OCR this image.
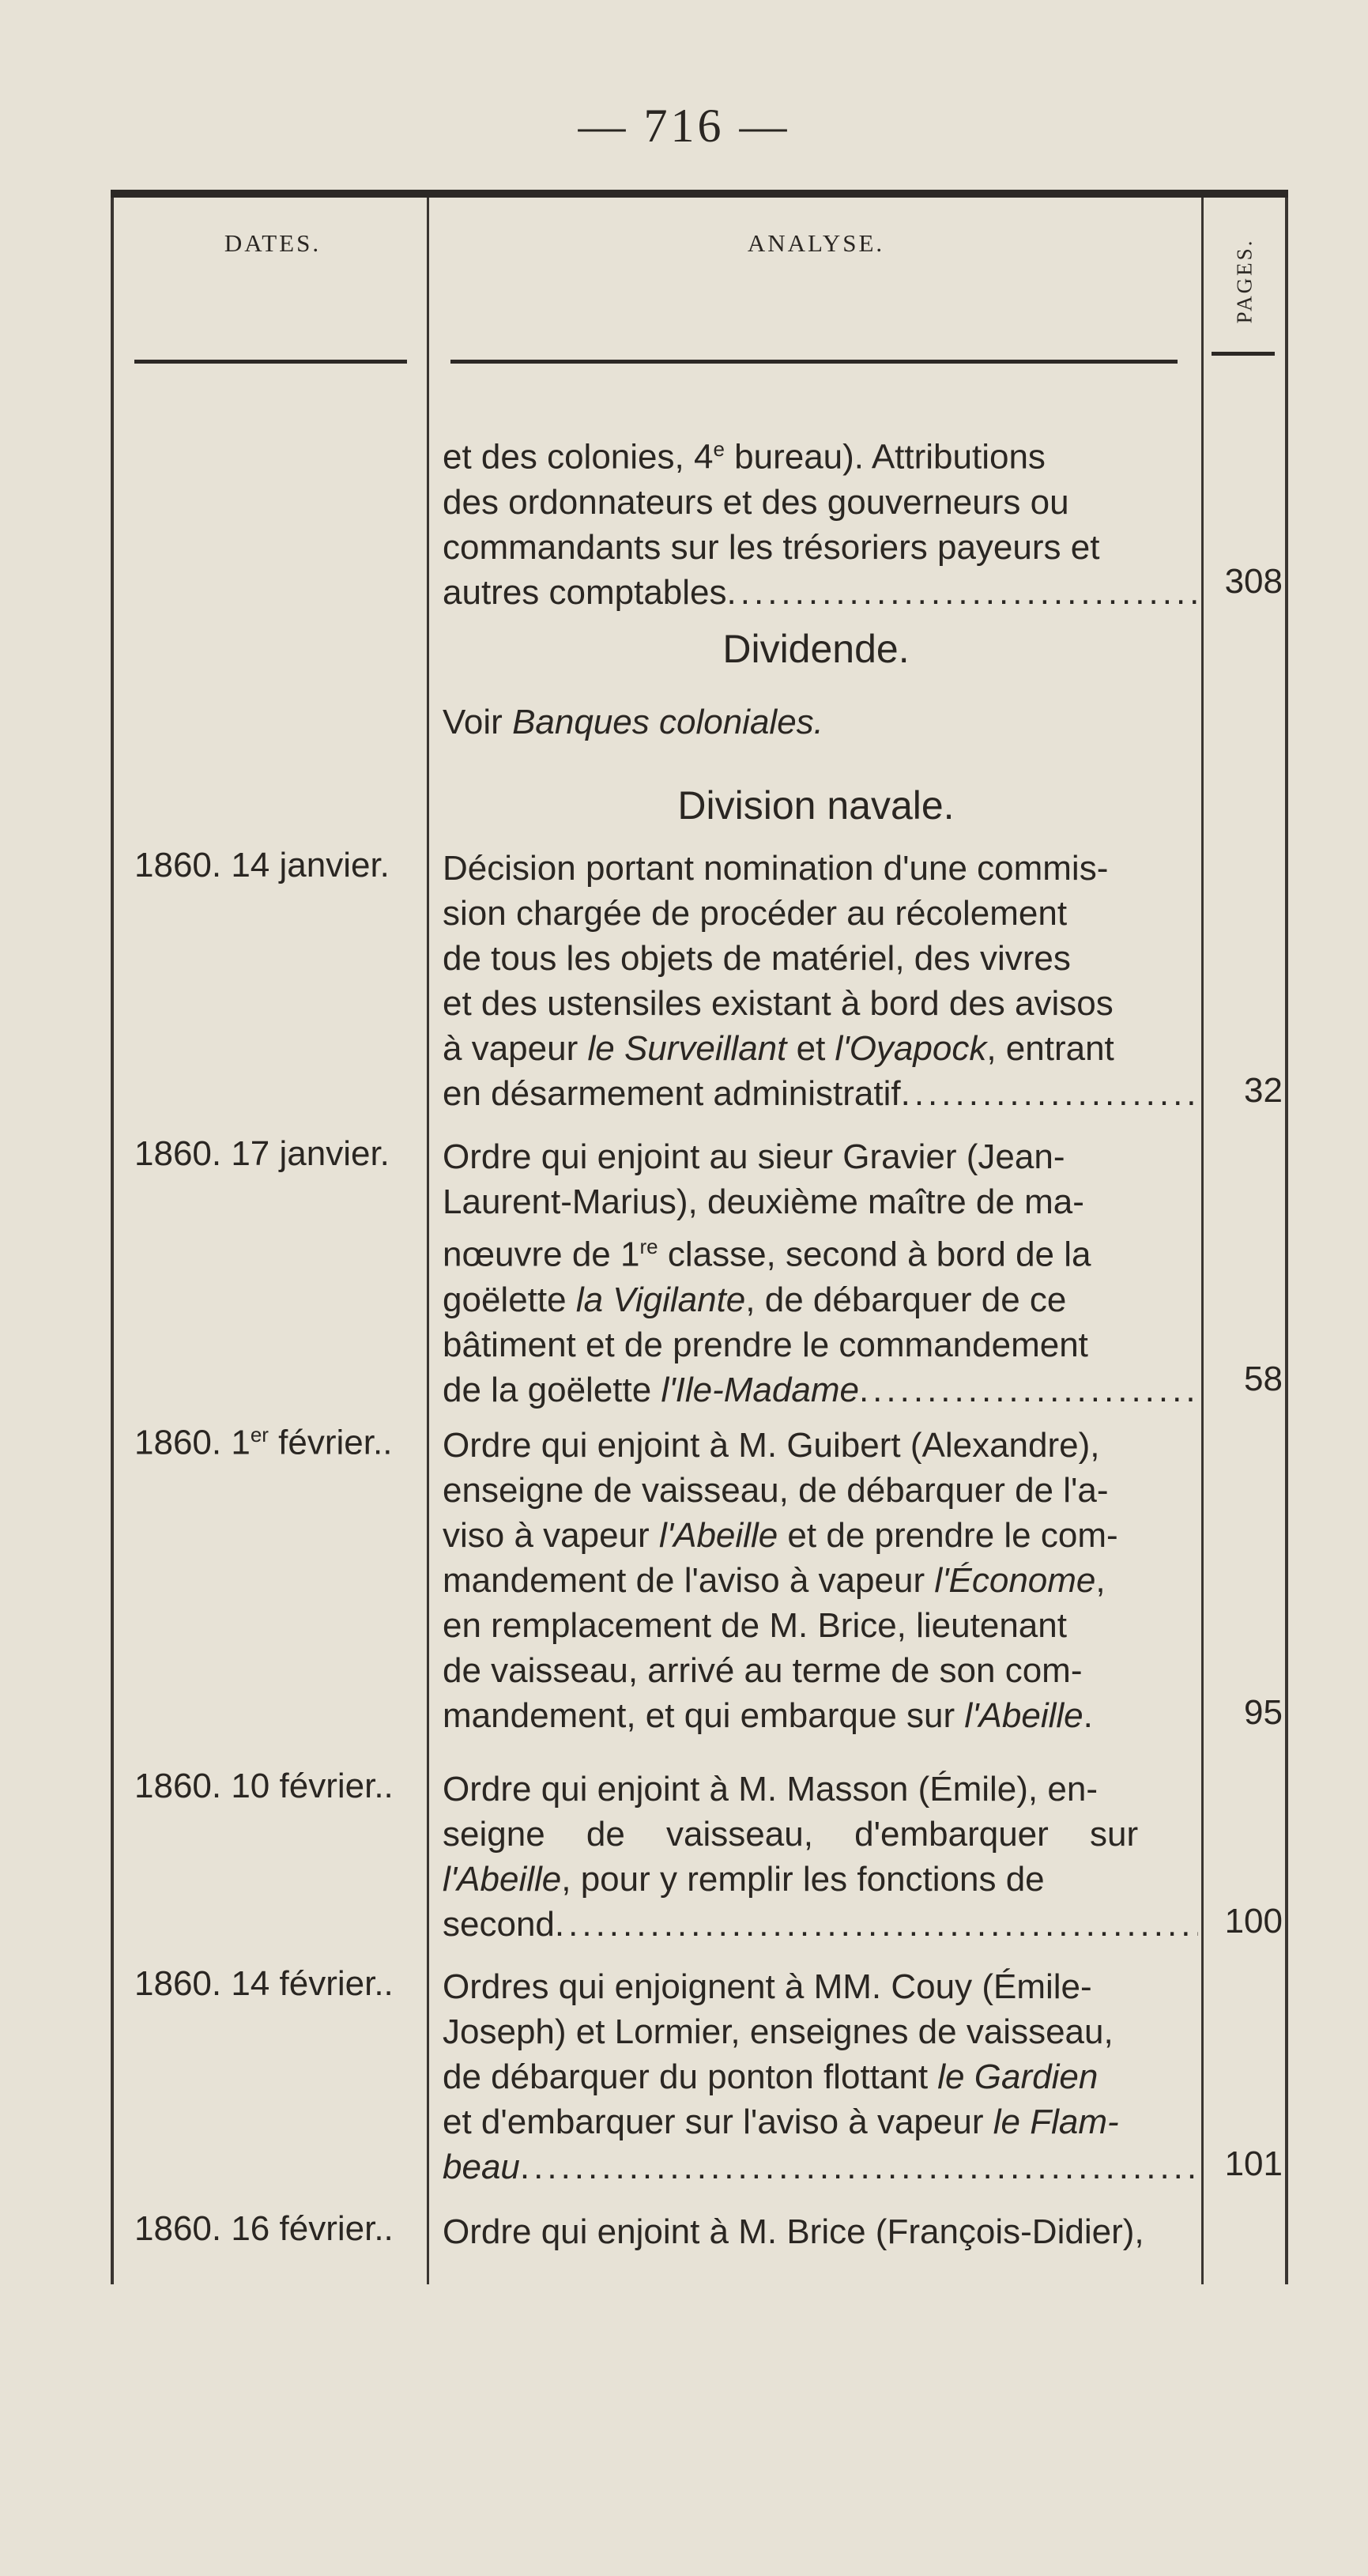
— 716 —
DATES.	ANALYSE.	PAGES.
et des colonies, 4e bureau). Attributions
des ordonnateurs et des gouverneurs ou
commandants sur les trésoriers payeurs et
autres comptables .....	308
Dividende.
Voir Banques coloniales.
Division navale.
1860. 14 janvier.	Décision portant nomination d'une commis-
sion chargée de procéder au récolement
de tous les objets de matériel, des vivres
et des ustensiles existant à bord des avisos
à vapeur le Surveillant et l'Oyapock, entrant
en désarmement administratif .....	32
1860. 17 janvier.	Ordre qui enjoint au sieur Gravier (Jean-
Laurent-Marius), deuxième maître de ma-
nœuvre de 1re classe, second à bord de la
goëlette la Vigilante, de débarquer de ce
bâtiment et de prendre le commandement
de la goëlette l'Ile-Madame .....	58
1860. 1er février..	Ordre qui enjoint à M. Guibert (Alexandre),
enseigne de vaisseau, de débarquer de l'a-
viso à vapeur l'Abeille et de prendre le com-
mandement de l'aviso à vapeur l'Économe,
en remplacement de M. Brice, lieutenant
de vaisseau, arrivé au terme de son com-
mandement, et qui embarque sur l'Abeille.	95
1860. 10 février..	Ordre qui enjoint à M. Masson (Émile), en-
seigne de vaisseau, d'embarquer sur
l'Abeille, pour y remplir les fonctions de
second .....	100
1860. 14 février..	Ordres qui enjoignent à MM. Couy (Émile-
Joseph) et Lormier, enseignes de vaisseau,
de débarquer du ponton flottant le Gardien
et d'embarquer sur l'aviso à vapeur le Flam-
beau .....	101
1860. 16 février..	Ordre qui enjoint à M. Brice (François-Didier),
